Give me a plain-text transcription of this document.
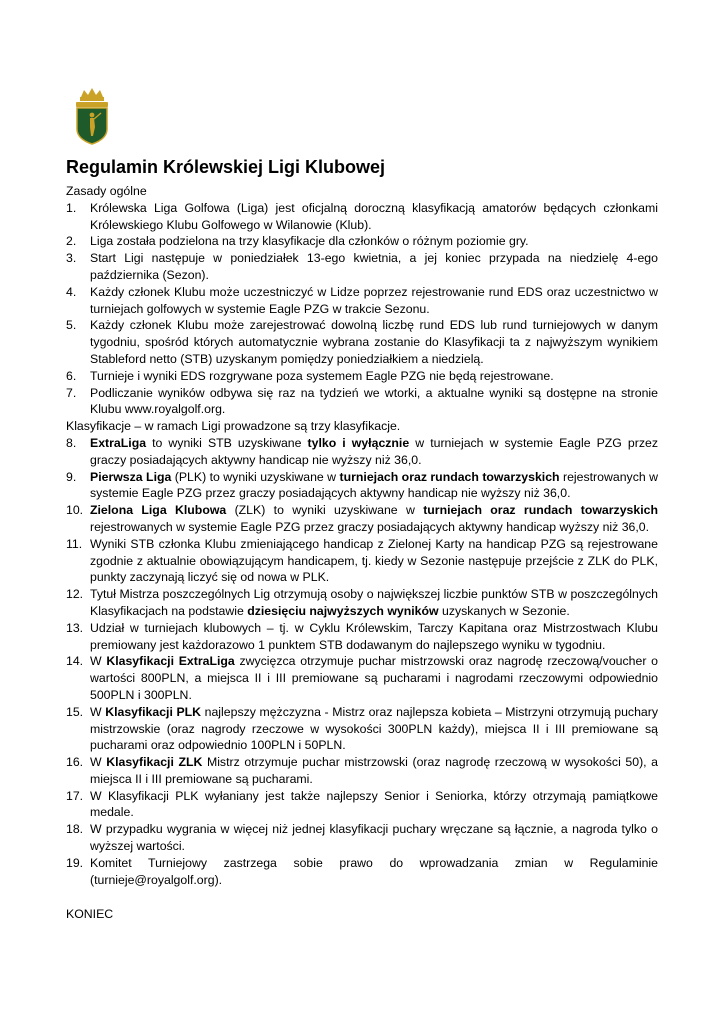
Regulamin Królewskiej Ligi Klubowej

Zasady ogólne

1.	Królewska Liga Golfowa (Liga) jest oficjalną doroczną klasyfikacją amatorów będących członkami Królewskiego Klubu Golfowego w Wilanowie (Klub).
2.	Liga została podzielona na trzy klasyfikacje dla członków o różnym poziomie gry.
3.	Start Ligi następuje w poniedziałek 13-ego kwietnia, a jej koniec przypada na niedzielę 4-ego października (Sezon).
4.	Każdy członek Klubu może uczestniczyć w Lidze poprzez rejestrowanie rund EDS oraz uczestnictwo w turniejach golfowych w systemie Eagle PZG w trakcie Sezonu.
5.	Każdy członek Klubu może zarejestrować dowolną liczbę rund EDS lub rund turniejowych w danym tygodniu, spośród których automatycznie wybrana zostanie do Klasyfikacji ta z najwyższym wynikiem Stableford netto (STB) uzyskanym pomiędzy poniedziałkiem a niedzielą.
6.	Turnieje i wyniki EDS rozgrywane poza systemem Eagle PZG nie będą rejestrowane.
7.	Podliczanie wyników odbywa się raz na tydzień we wtorki, a aktualne wyniki są dostępne na stronie Klubu www.royalgolf.org.

Klasyfikacje – w ramach Ligi prowadzone są trzy klasyfikacje.

8.	ExtraLiga to wyniki STB uzyskiwane tylko i wyłącznie w turniejach w systemie Eagle PZG przez graczy posiadających aktywny handicap nie wyższy niż 36,0.
9.	Pierwsza Liga (PLK) to wyniki uzyskiwane w turniejach oraz rundach towarzyskich rejestrowanych w systemie Eagle PZG przez graczy posiadających aktywny handicap nie wyższy niż 36,0.
10. Zielona Liga Klubowa (ZLK) to wyniki uzyskiwane w turniejach oraz rundach towarzyskich rejestrowanych w systemie Eagle PZG przez graczy posiadających aktywny handicap wyższy niż 36,0.
11. Wyniki STB członka Klubu zmieniającego handicap z Zielonej Karty na handicap PZG są rejestrowane zgodnie z aktualnie obowiązującym handicapem, tj. kiedy w Sezonie następuje przejście z ZLK do PLK, punkty zaczynają liczyć się od nowa w PLK.
12. Tytuł Mistrza poszczególnych Lig otrzymują osoby o największej liczbie punktów STB w poszczególnych Klasyfikacjach na podstawie dziesięciu najwyższych wyników uzyskanych w Sezonie.
13. Udział w turniejach klubowych – tj. w Cyklu Królewskim, Tarczy Kapitana oraz Mistrzostwach Klubu premiowany jest każdorazowo 1 punktem STB dodawanym do najlepszego wyniku w tygodniu.
14. W Klasyfikacji ExtraLiga zwycięzca otrzymuje puchar mistrzowski oraz nagrodę rzeczową/voucher o wartości 800PLN, a miejsca II i III premiowane są pucharami i nagrodami rzeczowymi odpowiednio 500PLN i 300PLN.
15. W Klasyfikacji PLK najlepszy mężczyzna - Mistrz oraz najlepsza kobieta – Mistrzyni otrzymują puchary mistrzowskie (oraz nagrody rzeczowe w wysokości 300PLN każdy), miejsca II i III premiowane są pucharami oraz odpowiednio 100PLN i 50PLN.
16. W Klasyfikacji ZLK Mistrz otrzymuje puchar mistrzowski (oraz nagrodę rzeczową w wysokości 50), a miejsca II i III premiowane są pucharami.
17. W Klasyfikacji PLK wyłaniany jest także najlepszy Senior i Seniorka, którzy otrzymają pamiątkowe medale.
18. W przypadku wygrania w więcej niż jednej klasyfikacji puchary wręczane są łącznie, a nagroda tylko o wyższej wartości.
19. Komitet Turniejowy zastrzega sobie prawo do wprowadzania zmian w Regulaminie (turnieje@royalgolf.org).
KONIEC
